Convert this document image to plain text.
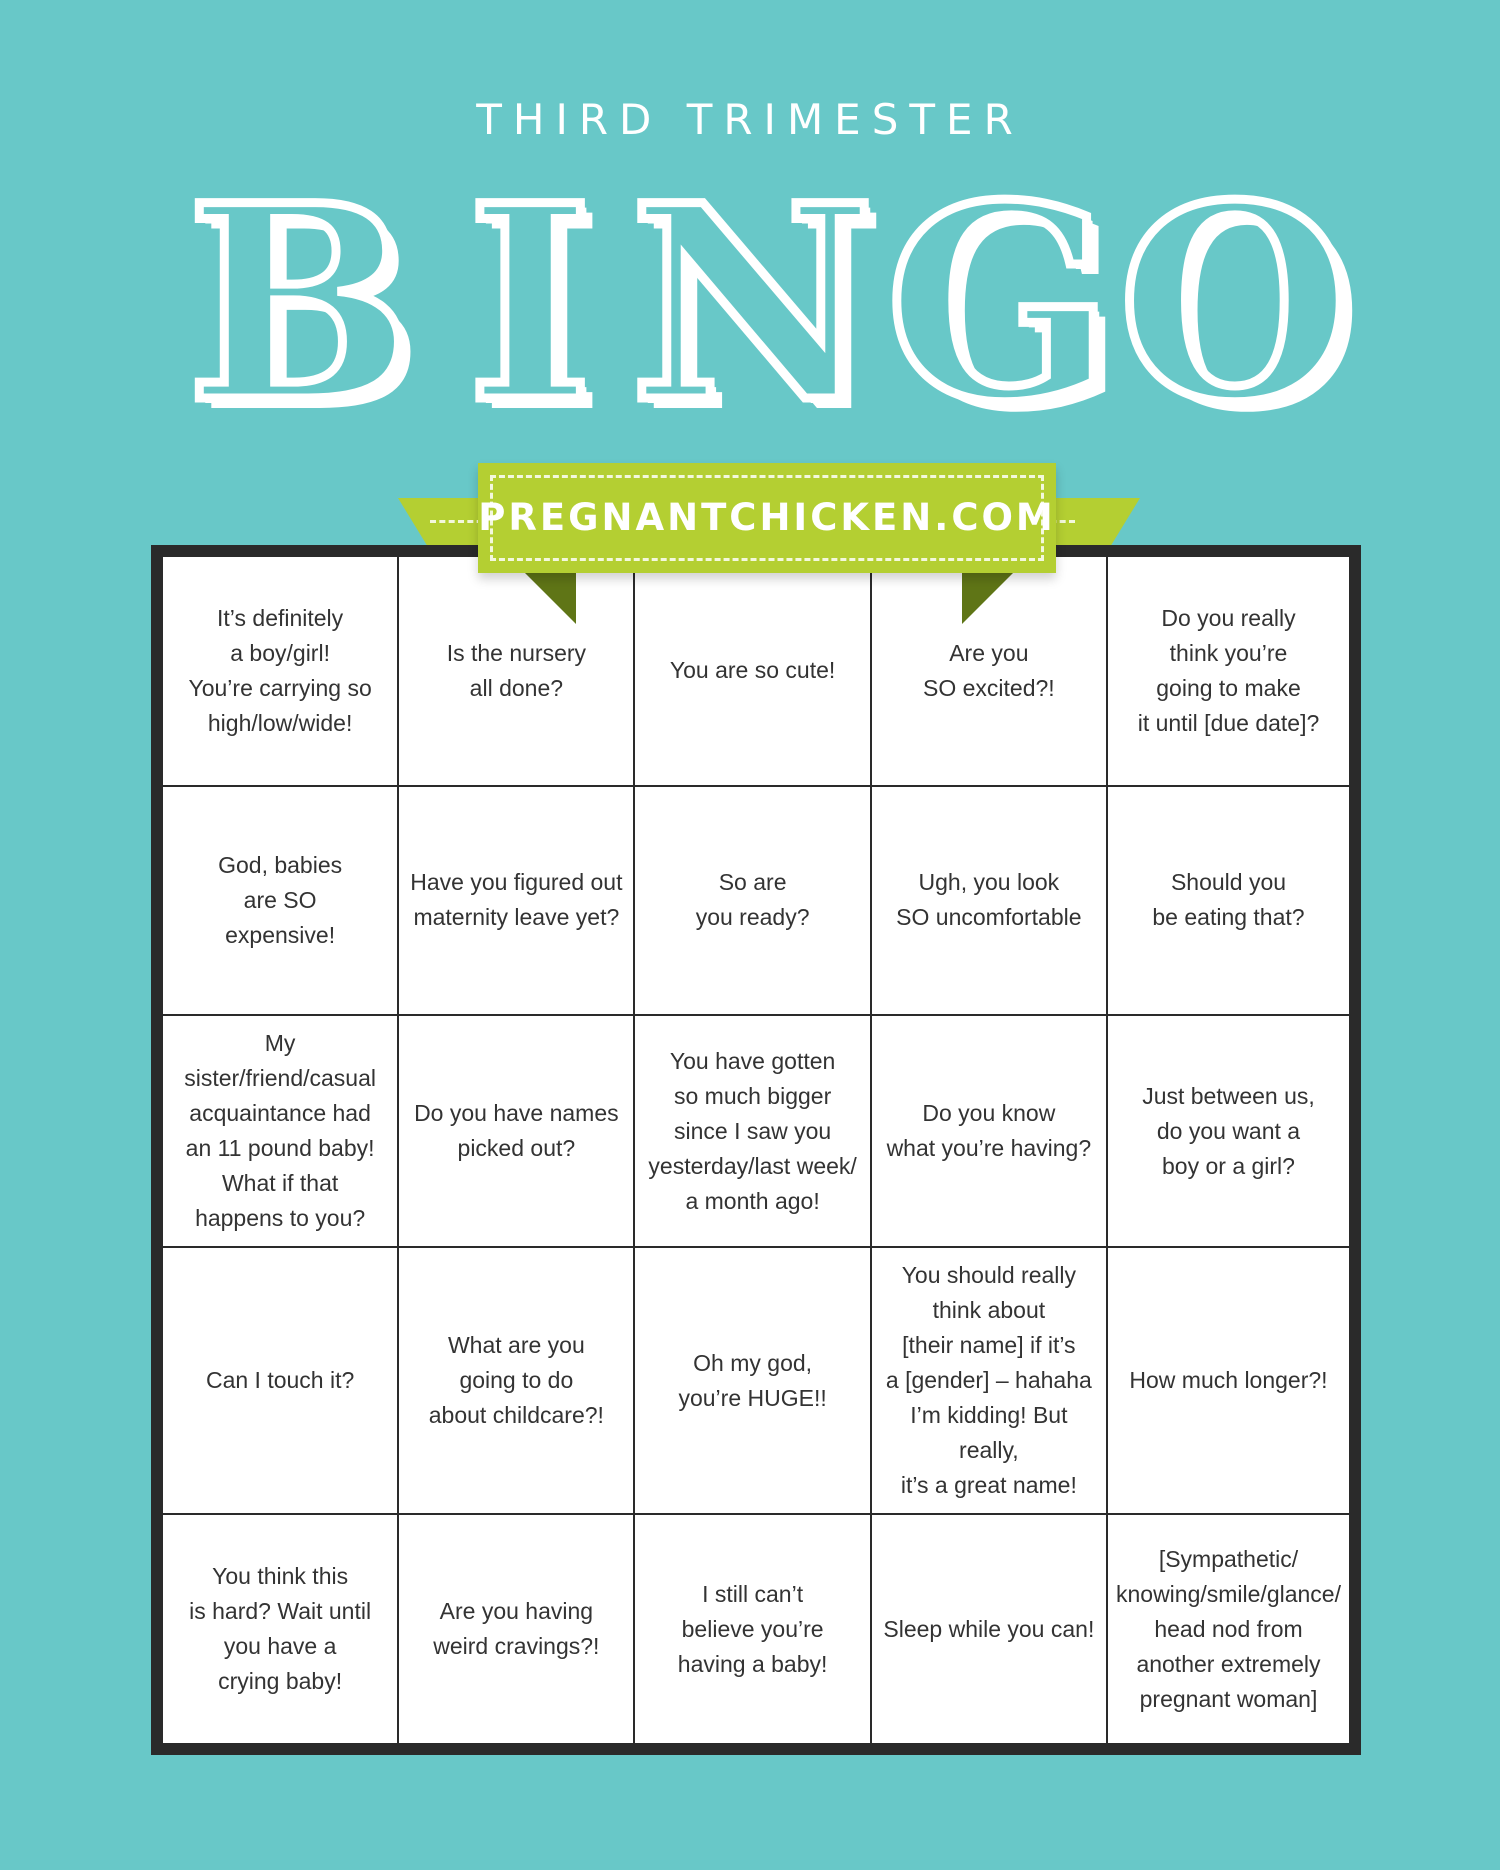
THIRD TRIMESTER
B I N G O
It’s definitely
a boy/girl!
You’re carrying so
high/low/wide!
Is the nursery
all done?
You are so cute!
Are you
SO excited?!
Do you really
think you’re
going to make
it until [due date]?
God, babies
are SO
expensive!
Have you figured out
maternity leave yet?
So are
you ready?
Ugh, you look
SO uncomfortable
Should you
be eating that?
My
sister/friend/casual
acquaintance had
an 11 pound baby!
What if that
happens to you?
Do you have names
picked out?
You have gotten
so much bigger
since I saw you
yesterday/last week/
a month ago!
Do you know
what you’re having?
Just between us,
do you want a
boy or a girl?
Can I touch it?
What are you
going to do
about childcare?!
Oh my god,
you’re HUGE!!
You should really
think about
[their name] if it’s
a [gender] – hahaha
I’m kidding! But really,
it’s a great name!
How much longer?!
You think this
is hard? Wait until
you have a
crying baby!
Are you having
weird cravings?!
I still can’t
believe you’re
having a baby!
Sleep while you can!
[Sympathetic/
knowing/smile/glance/
head nod from
another extremely
pregnant woman]
PREGNANTCHICKEN.COM
